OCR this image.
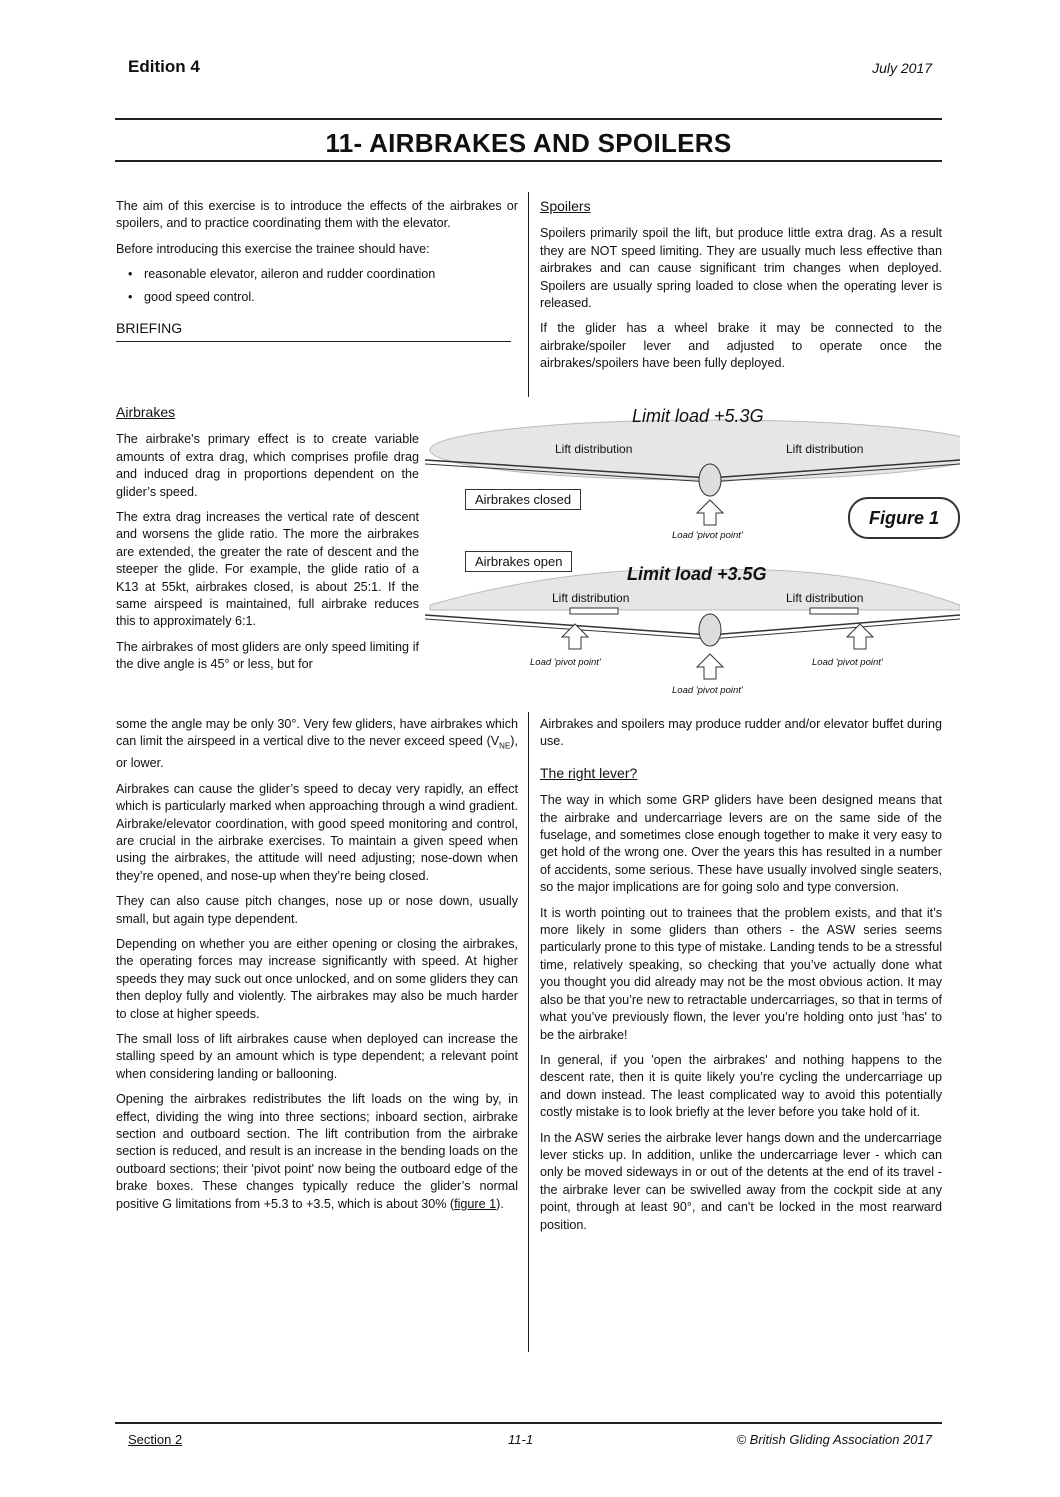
Edition 4	July 2017
11- AIRBRAKES AND SPOILERS

The aim of this exercise is to introduce the effects of the airbrakes or spoilers, and to practice coordinating them with the elevator.

Before introducing this exercise the trainee should have:

• reasonable elevator, aileron and rudder coordination
• good speed control.
BRIEFING
Airbrakes

The airbrake's primary effect is to create variable amounts of extra drag, which comprises profile drag and induced drag in proportions dependent on the glider’s speed.

The extra drag increases the vertical rate of descent and worsens the glide ratio. The more the airbrakes are extended, the greater the rate of descent and the steeper the glide. For example, the glide ratio of a K13 at 55kt, airbrakes closed, is about 25:1. If the same airspeed is maintained, full airbrake reduces this to approximately 6:1.

The airbrakes of most gliders are only speed limiting if the dive angle is 45° or less, but for

some the angle may be only 30°. Very few gliders, have airbrakes which can limit the airspeed in a vertical dive to the never exceed speed $(V_{NE})$, or lower.

Airbrakes can cause the glider’s speed to decay very rapidly, an effect which is particularly marked when approaching through a wind gradient. Airbrake/elevator coordination, with good speed monitoring and control, are crucial in the airbrake exercises. To maintain a given speed when using the airbrakes, the attitude will need adjusting; nose-down when they’re opened, and nose-up when they’re being closed.

They can also cause pitch changes, nose up or nose down, usually small, but again type dependent.

Depending on whether you are either opening or closing the airbrakes, the operating forces may increase significantly with speed. At higher speeds they may suck out once unlocked, and on some gliders they can then deploy fully and violently. The airbrakes may also be much harder to close at higher speeds.

The small loss of lift airbrakes cause when deployed can increase the stalling speed by an amount which is type dependent; a relevant point when considering landing or ballooning.

Opening the airbrakes redistributes the lift loads on the wing by, in effect, dividing the wing into three sections; inboard section, airbrake section and outboard section. The lift contribution from the airbrake section is reduced, and result is an increase in the bending loads on the outboard sections; their 'pivot point' now being the outboard edge of the brake boxes. These changes typically reduce the glider’s normal positive G limitations from +5.3 to +3.5, which is about 30% (figure 1).

Spoilers

Spoilers primarily spoil the lift, but produce little extra drag. As a result they are NOT speed limiting. They are usually much less effective than airbrakes and can cause significant trim changes when deployed. Spoilers are usually spring loaded to close when the operating lever is released.

If the glider has a wheel brake it may be connected to the airbrake/spoiler lever and adjusted to operate once the airbrakes/spoilers have been fully deployed.

Limit load +5.3G
Lift distribution	Lift distribution
Airbrakes closed
Load 'pivot point'
Figure 1
Airbrakes open
Limit load +3.5G
Lift distribution	Lift distribution
Load 'pivot point'	Load 'pivot point'
Load 'pivot point'

Airbrakes and spoilers may produce rudder and/or elevator buffet during use.

The right lever?

The way in which some GRP gliders have been designed means that the airbrake and undercarriage levers are on the same side of the fuselage, and sometimes close enough together to make it very easy to get hold of the wrong one. Over the years this has resulted in a number of accidents, some serious. These have usually involved single seaters, so the major implications are for going solo and type conversion.

It is worth pointing out to trainees that the problem exists, and that it’s more likely in some gliders than others - the ASW series seems particularly prone to this type of mistake. Landing tends to be a stressful time, relatively speaking, so checking that you’ve actually done what you thought you did already may not be the most obvious action. It may also be that you’re new to retractable undercarriages, so that in terms of what you’ve previously flown, the lever you’re holding onto just 'has' to be the airbrake!

In general, if you 'open the airbrakes' and nothing happens to the descent rate, then it is quite likely you’re cycling the undercarriage up and down instead. The least complicated way to avoid this potentially costly mistake is to look briefly at the lever before you take hold of it.

In the ASW series the airbrake lever hangs down and the undercarriage lever sticks up. In addition, unlike the undercarriage lever - which can only be moved sideways in or out of the detents at the end of its travel - the airbrake lever can be swivelled away from the cockpit side at any point, through at least 90°, and can't be locked in the most rearward position.

Section 2	11-1	© British Gliding Association 2017
